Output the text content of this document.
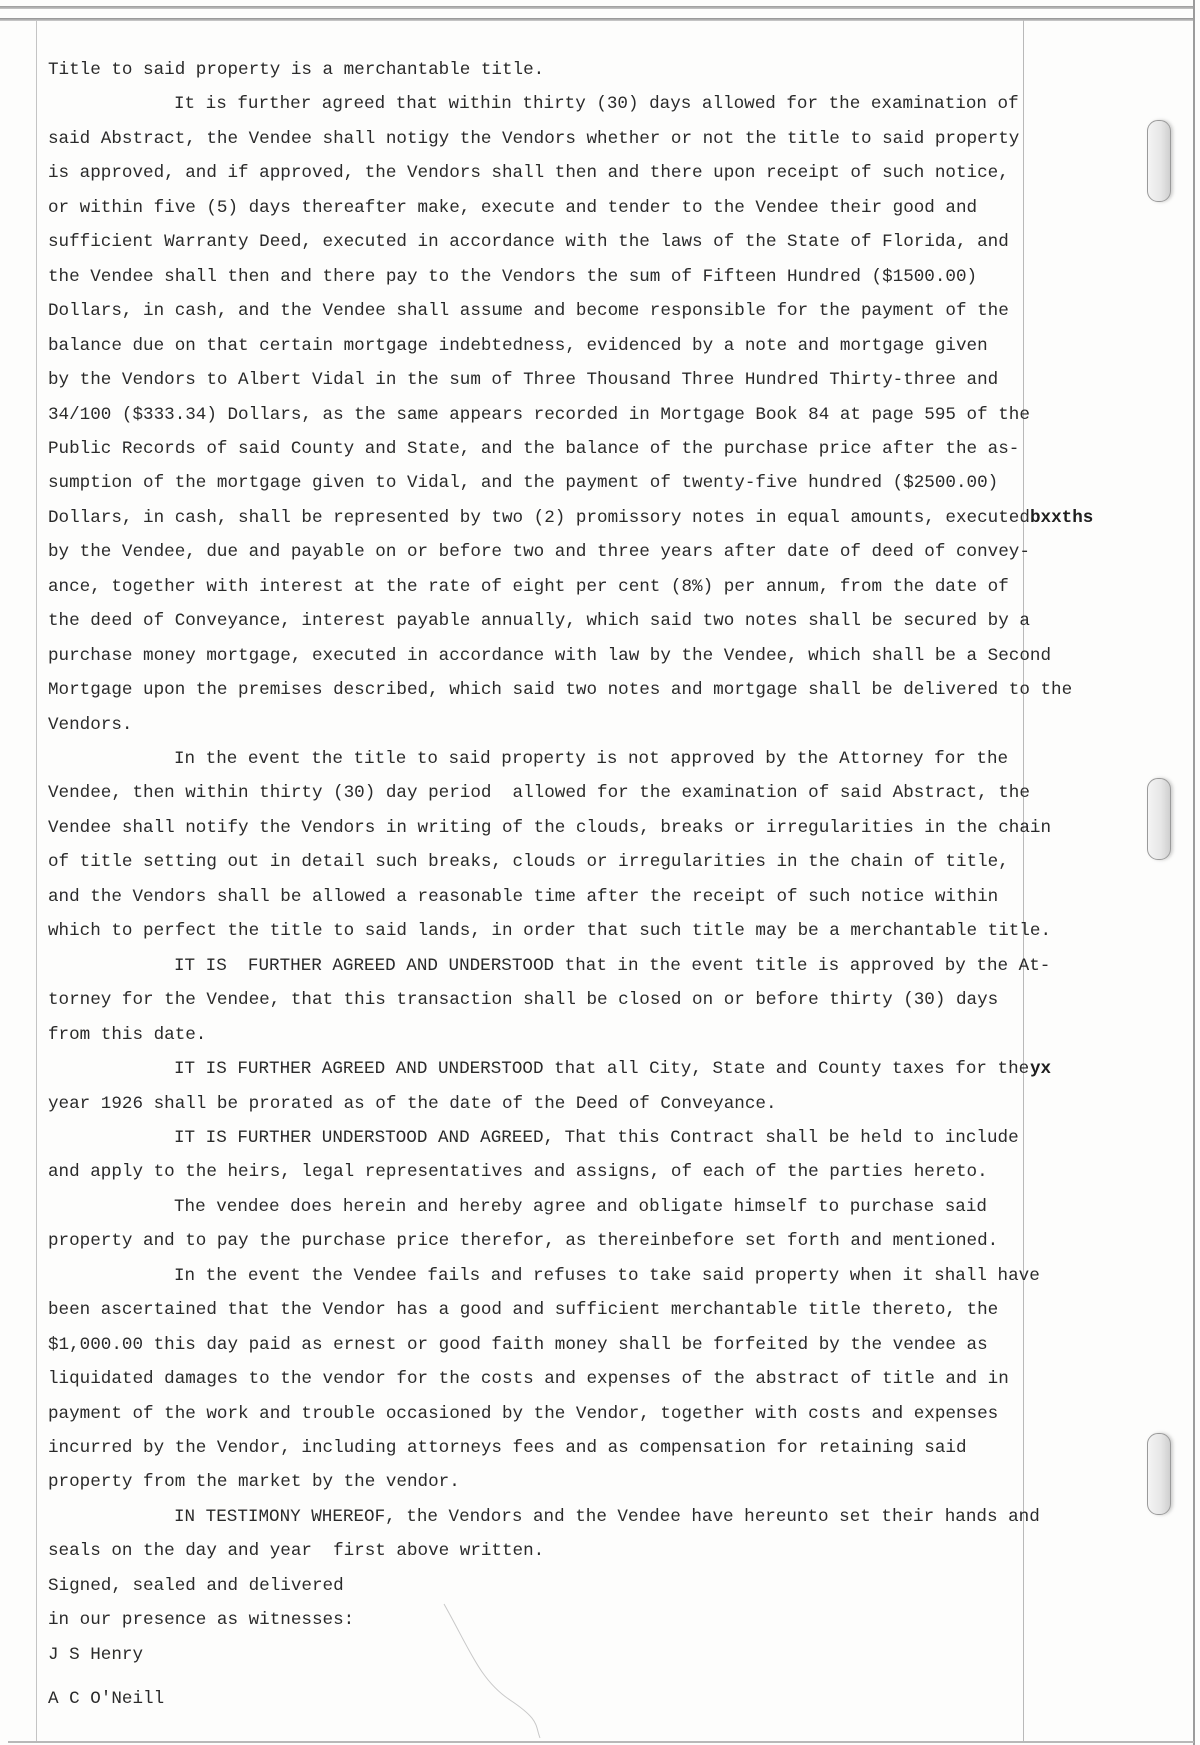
Title to said property is a merchantable title.
It is further agreed that within thirty (30) days allowed for the examination of
said Abstract, the Vendee shall notigy the Vendors whether or not the title to said property
is approved, and if approved, the Vendors shall then and there upon receipt of such notice,
or within five (5) days thereafter make, execute and tender to the Vendee their good and
sufficient Warranty Deed, executed in accordance with the laws of the State of Florida, and
the Vendee shall then and there pay to the Vendors the sum of Fifteen Hundred ($1500.00)
Dollars, in cash, and the Vendee shall assume and become responsible for the payment of the
balance due on that certain mortgage indebtedness, evidenced by a note and mortgage given
by the Vendors to Albert Vidal in the sum of Three Thousand Three Hundred Thirty-three and
34/100 ($333.34) Dollars, as the same appears recorded in Mortgage Book 84 at page 595 of the
Public Records of said County and State, and the balance of the purchase price after the as-
sumption of the mortgage given to Vidal, and the payment of twenty-five hundred ($2500.00)
Dollars, in cash, shall be represented by two (2) promissory notes in equal amounts, executed
by the Vendee, due and payable on or before two and three years after date of deed of convey-
ance, together with interest at the rate of eight per cent (8%) per annum, from the date of
the deed of Conveyance, interest payable annually, which said two notes shall be secured by a
purchase money mortgage, executed in accordance with law by the Vendee, which shall be a Second
Mortgage upon the premises described, which said two notes and mortgage shall be delivered to the
Vendors.
In the event the title to said property is not approved by the Attorney for the
Vendee, then within thirty (30) day period  allowed for the examination of said Abstract, the
Vendee shall notify the Vendors in writing of the clouds, breaks or irregularities in the chain
of title setting out in detail such breaks, clouds or irregularities in the chain of title,
and the Vendors shall be allowed a reasonable time after the receipt of such notice within
which to perfect the title to said lands, in order that such title may be a merchantable title.
IT IS  FURTHER AGREED AND UNDERSTOOD that in the event title is approved by the At-
torney for the Vendee, that this transaction shall be closed on or before thirty (30) days
from this date.
IT IS FURTHER AGREED AND UNDERSTOOD that all City, State and County taxes for the
year 1926 shall be prorated as of the date of the Deed of Conveyance.
IT IS FURTHER UNDERSTOOD AND AGREED, That this Contract shall be held to include
and apply to the heirs, legal representatives and assigns, of each of the parties hereto.
The vendee does herein and hereby agree and obligate himself to purchase said
property and to pay the purchase price therefor, as thereinbefore set forth and mentioned.
In the event the Vendee fails and refuses to take said property when it shall have
been ascertained that the Vendor has a good and sufficient merchantable title thereto, the
$1,000.00 this day paid as ernest or good faith money shall be forfeited by the vendee as
liquidated damages to the vendor for the costs and expenses of the abstract of title and in
payment of the work and trouble occasioned by the Vendor, together with costs and expenses
incurred by the Vendor, including attorneys fees and as compensation for retaining said
property from the market by the vendor.
IN TESTIMONY WHEREOF, the Vendors and the Vendee have hereunto set their hands and
seals on the day and year  first above written.
Signed, sealed and delivered
in our presence as witnesses:
J S Henry
A C O'Neill
bxxths
yx
